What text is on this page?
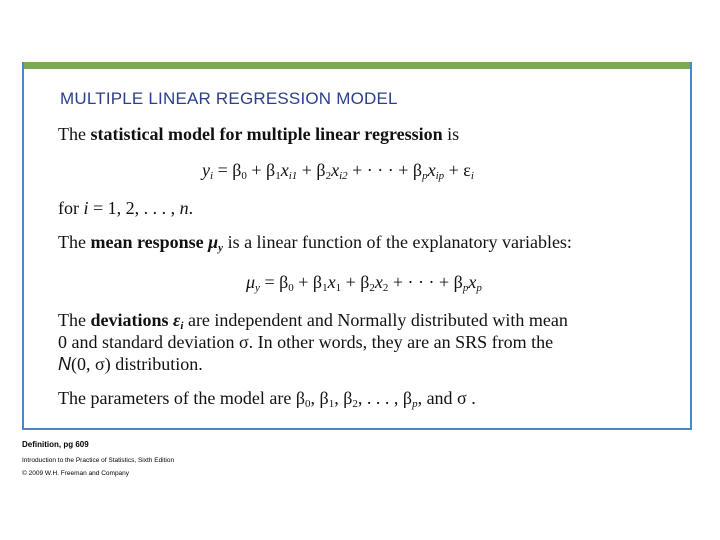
MULTIPLE LINEAR REGRESSION MODEL
The statistical model for multiple linear regression is
$y_i = \beta_0 + \beta_1x_{i1} + \beta_2x_{i2}$ + · · · + $\beta_px_{ip} + \varepsilon_i$
for i = 1, 2, . . . , n.
The mean response $\mu_y$ is a linear function of the explanatory variables:
$\mu_y = \beta_0 + \beta_1x_1 + \beta_2x_2$ + · · · + $\beta_px_p$
The deviations $\varepsilon_i$ are independent and Normally distributed with mean
0 and standard deviation σ. In other words, they are an SRS from the
N(0, σ) distribution.
The parameters of the model are $\beta_0$, $\beta_1$, $\beta_2$, . . . , $\beta_p$, and σ .
Definition, pg 609
Introduction to the Practice of Statistics, Sixth Edition
© 2009 W.H. Freeman and Company
